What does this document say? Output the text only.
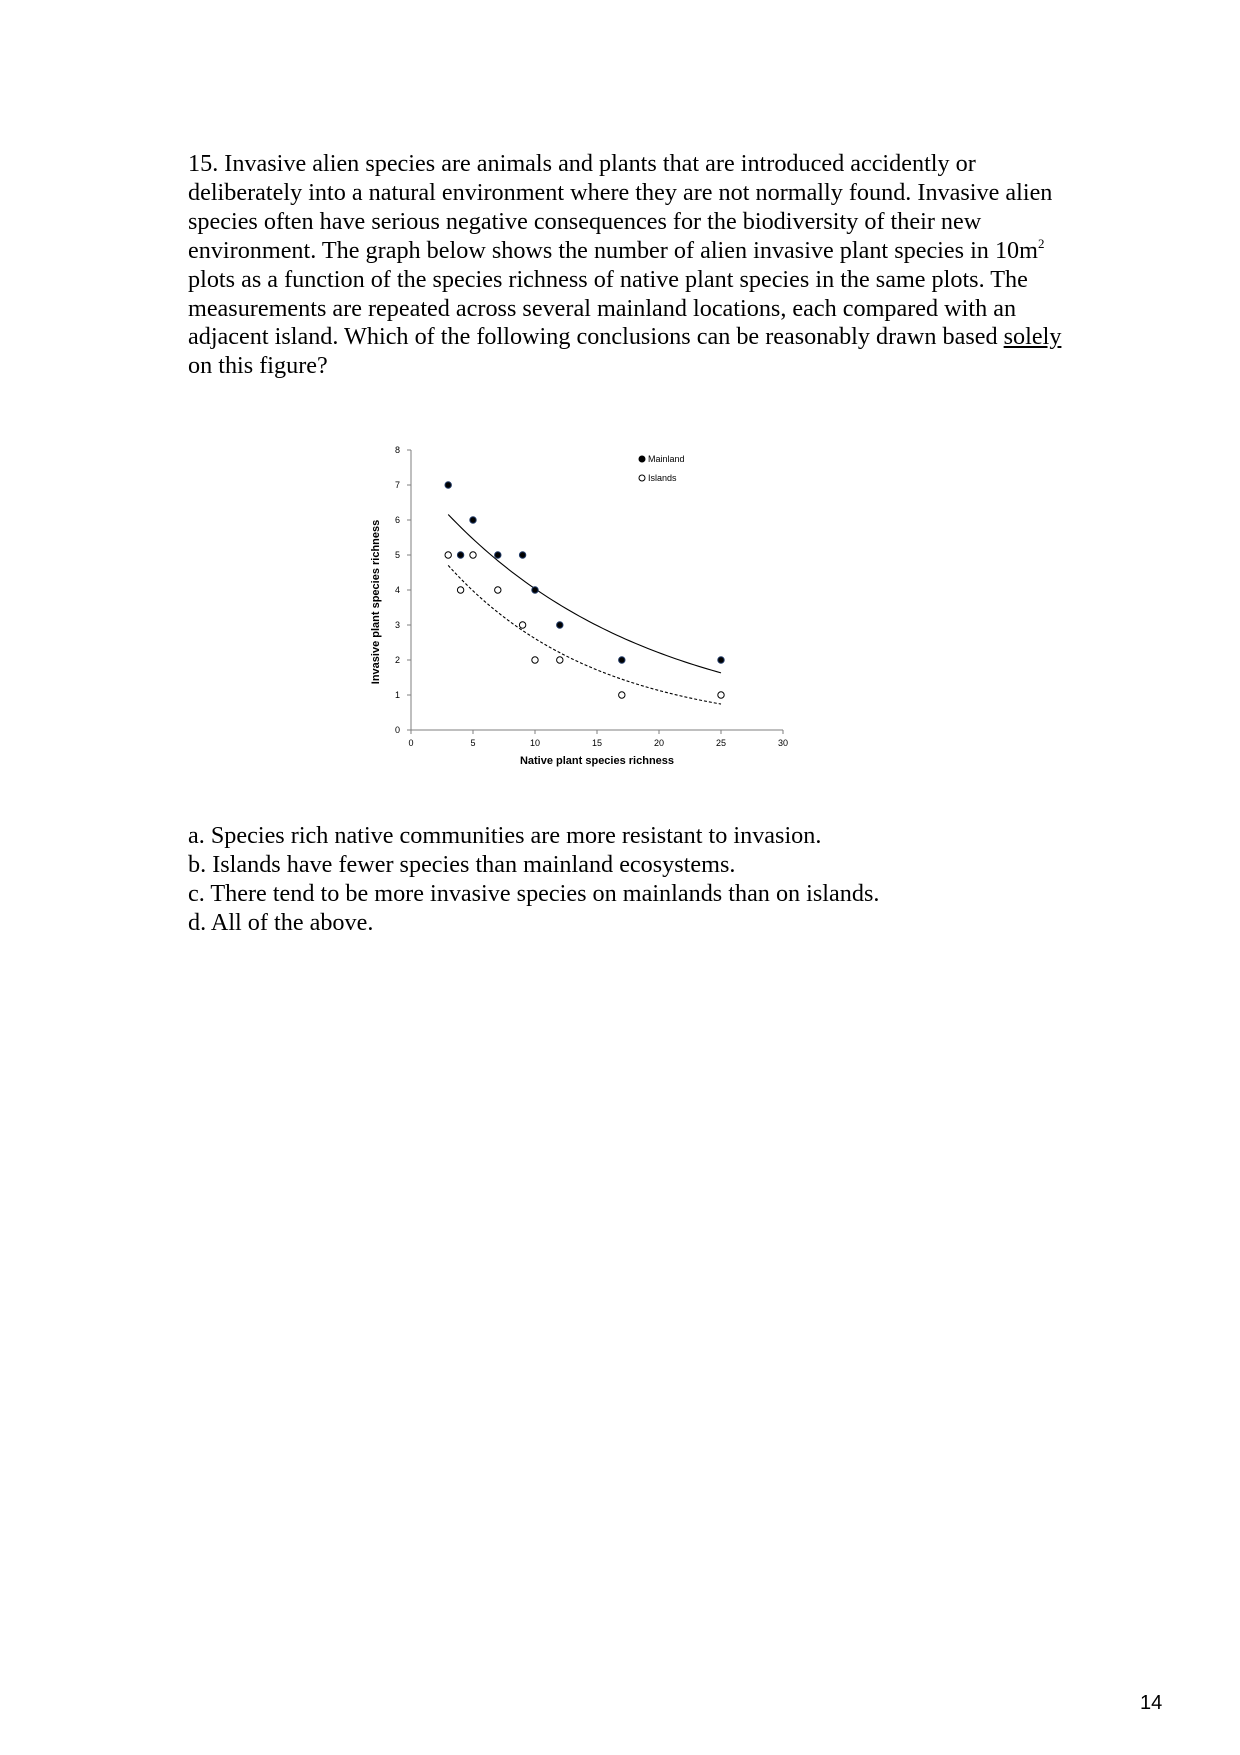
15. Invasive alien species are animals and plants that are introduced accidently or deliberately into a natural environment where they are not normally found. Invasive alien species often have serious negative consequences for the biodiversity of their new environment. The graph below shows the number of alien invasive plant species in $10m^2$ plots as a function of the species richness of native plant species in the same plots. The measurements are repeated across several mainland locations, each compared with an adjacent island. Which of the following conclusions can be reasonably drawn based solely on this figure?

0	5	10	15	20	25	30
0
1
2
3
4
5
6
7
8
Native plant species richness
Invasive plant species richness
Mainland
Islands
a. Species rich native communities are more resistant to invasion.
b. Islands have fewer species than mainland ecosystems.
c. There tend to be more invasive species on mainlands than on islands.
d. All of the above.
14
